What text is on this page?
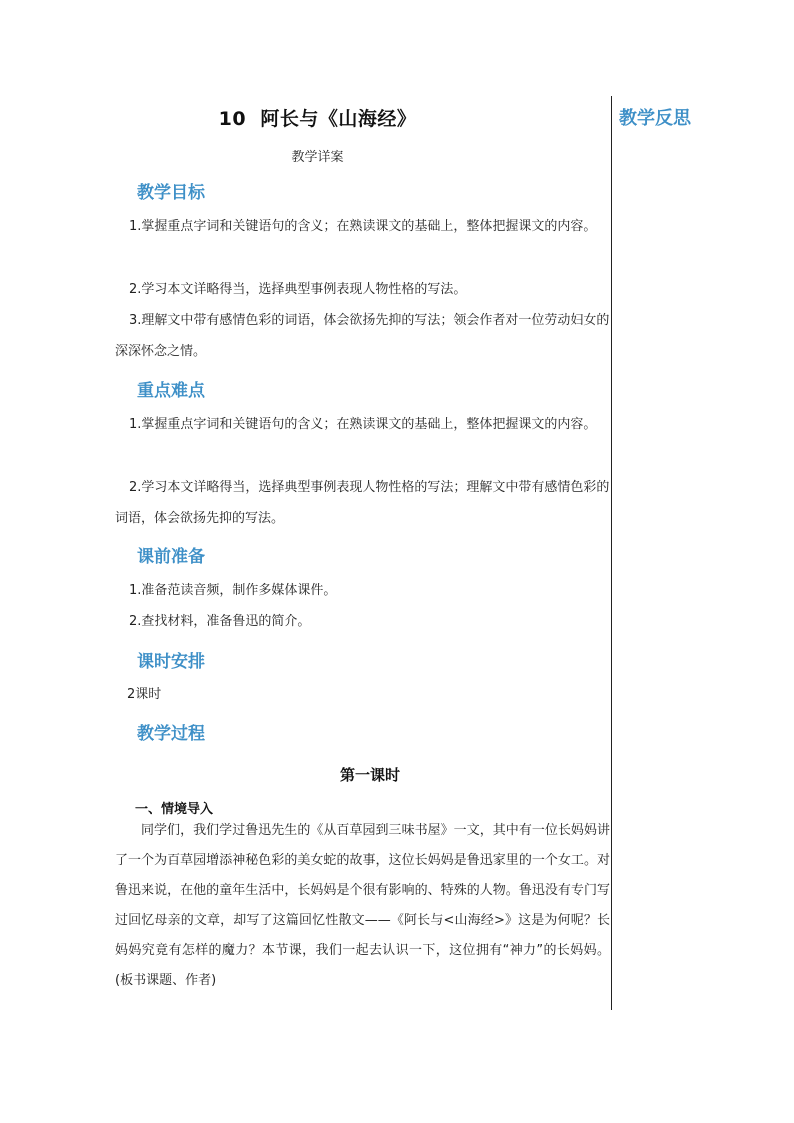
教学反思
10  阿长与《山海经》
教学详案
教学目标
1.掌握重点字词和关键语句的含义；在熟读课文的基础上，整体把握课文的内容。
2.学习本文详略得当，选择典型事例表现人物性格的写法。
3.理解文中带有感情色彩的词语，体会欲扬先抑的写法；领会作者对一位劳动妇女的深深怀念之情。
重点难点
1.掌握重点字词和关键语句的含义；在熟读课文的基础上，整体把握课文的内容。
2.学习本文详略得当，选择典型事例表现人物性格的写法；理解文中带有感情色彩的词语，体会欲扬先抑的写法。
课前准备
1.准备范读音频，制作多媒体课件。
2.查找材料，准备鲁迅的简介。
课时安排
2课时
教学过程
第一课时
一、情境导入
同学们，我们学过鲁迅先生的《从百草园到三味书屋》一文，其中有一位长妈妈讲了一个为百草园增添神秘色彩的美女蛇的故事，这位长妈妈是鲁迅家里的一个女工。对鲁迅来说，在他的童年生活中，长妈妈是个很有影响的、特殊的人物。鲁迅没有专门写过回忆母亲的文章，却写了这篇回忆性散文——《阿长与<山海经>》这是为何呢？长妈妈究竟有怎样的魔力？本节课，我们一起去认识一下，这位拥有“神力”的长妈妈。(板书课题、作者)
